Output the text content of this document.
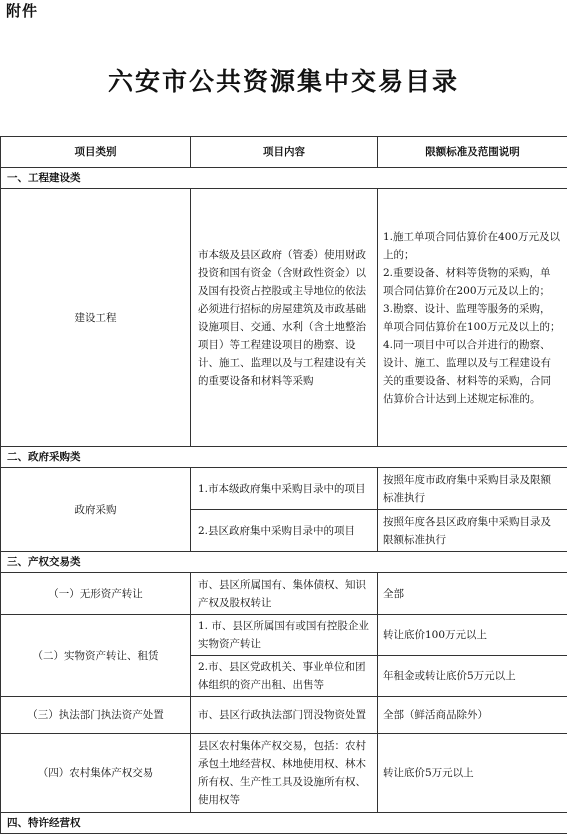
附件
六安市公共资源集中交易目录
项目类别	项目内容	限额标准及范围说明
一、工程建设类		
建设工程	市本级及县区政府（管委）使用财政投资和国有资金（含财政性资金）以及国有投资占控股或主导地位的依法必须进行招标的房屋建筑及市政基础设施项目、交通、水利（含土地整治项目）等工程建设项目的勘察、设计、施工、监理以及与工程建设有关的重要设备和材料等采购	1.施工单项合同估算价在400万元及以上的；
2.重要设备、材料等货物的采购，单项合同估算价在200万元及以上的；
3.勘察、设计、监理等服务的采购，单项合同估算价在100万元及以上的；
4.同一项目中可以合并进行的勘察、设计、施工、监理以及与工程建设有关的重要设备、材料等的采购，合同估算价合计达到上述规定标准的。

二、政府采购类		
政府采购	1.市本级政府集中采购目录中的项目	按照年度市政府集中采购目录及限额标准执行
	2.县区政府集中采购目录中的项目	按照年度各县区政府集中采购目录及限额标准执行
三、产权交易类		
（一）无形资产转让	市、县区所属国有、集体债权、知识产权及股权转让	全部
（二）实物资产转让、租赁	1. 市、县区所属国有或国有控股企业实物资产转让	转让底价100万元以上
	2.市、县区党政机关、事业单位和团体组织的资产出租、出售等	年租金或转让底价5万元以上
（三）执法部门执法资产处置	市、县区行政执法部门罚没物资处置	全部（鲜活商品除外）
（四）农村集体产权交易	县区农村集体产权交易，包括：农村承包土地经营权、林地使用权、林木所有权、生产性工具及设施所有权、使用权等	转让底价5万元以上
四、特许经营权		
